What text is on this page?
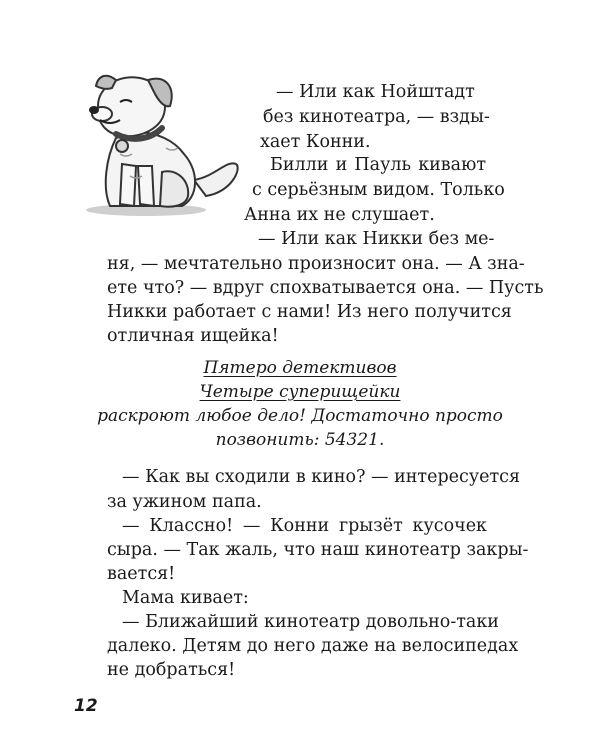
— Или как Нойштадт
без кинотеатра, — взды-
хает Конни.
Билли и Пауль кивают
с серьёзным видом. Только
Анна их не слушает.
— Или как Никки без ме-
ня, — мечтательно произносит она. — А зна-
ете что? — вдруг спохватывается она. — Пусть
Никки работает с нами! Из него получится
отличная ищейка!
Пятеро детективов
Четыре суперищейки
раскроют любое дело! Достаточно просто
позвонить: 54321.
— Как вы сходили в кино? — интересуется
за ужином папа.
— Классно! — Конни грызёт кусочек
сыра. — Так жаль, что наш кинотеатр закры-
вается!
Мама кивает:
— Ближайший кинотеатр довольно-таки
далеко. Детям до него даже на велосипедах
не добраться!
12
